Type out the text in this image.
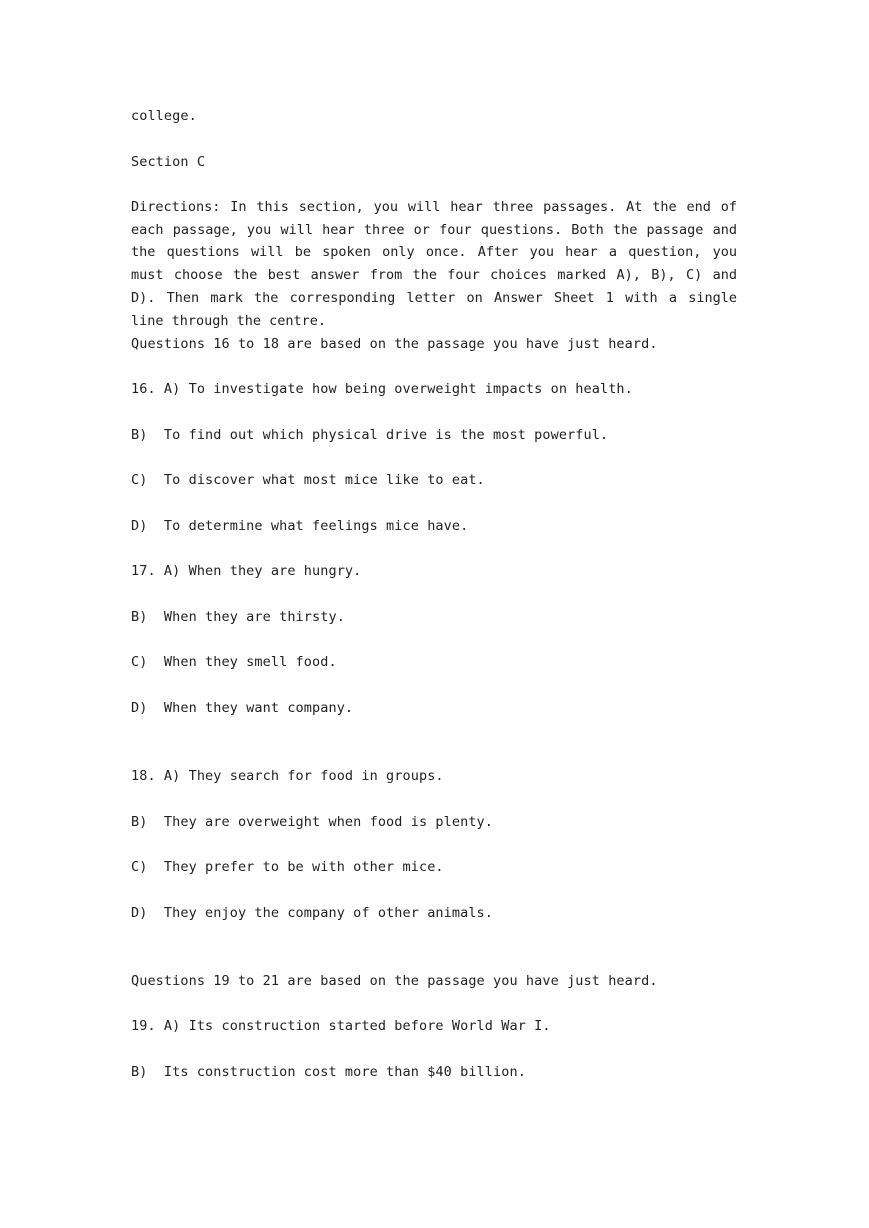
college.
Section C
Directions: In this section, you will hear three passages. At the end of each passage, you will hear three or four questions. Both the passage and the questions will be spoken only once. After you hear a question, you must choose the best answer from the four choices marked A), B), C) and D). Then mark the corresponding letter on Answer Sheet 1 with a single line through the centre.
Questions 16 to 18 are based on the passage you have just heard.
16. A) To investigate how being overweight impacts on health.
B)  To find out which physical drive is the most powerful.
C)  To discover what most mice like to eat.
D)  To determine what feelings mice have.
17. A) When they are hungry.
B)  When they are thirsty.
C)  When they smell food.
D)  When they want company.
18. A) They search for food in groups.
B)  They are overweight when food is plenty.
C)  They prefer to be with other mice.
D)  They enjoy the company of other animals.
Questions 19 to 21 are based on the passage you have just heard.
19. A) Its construction started before World War I.
B)  Its construction cost more than $40 billion.
